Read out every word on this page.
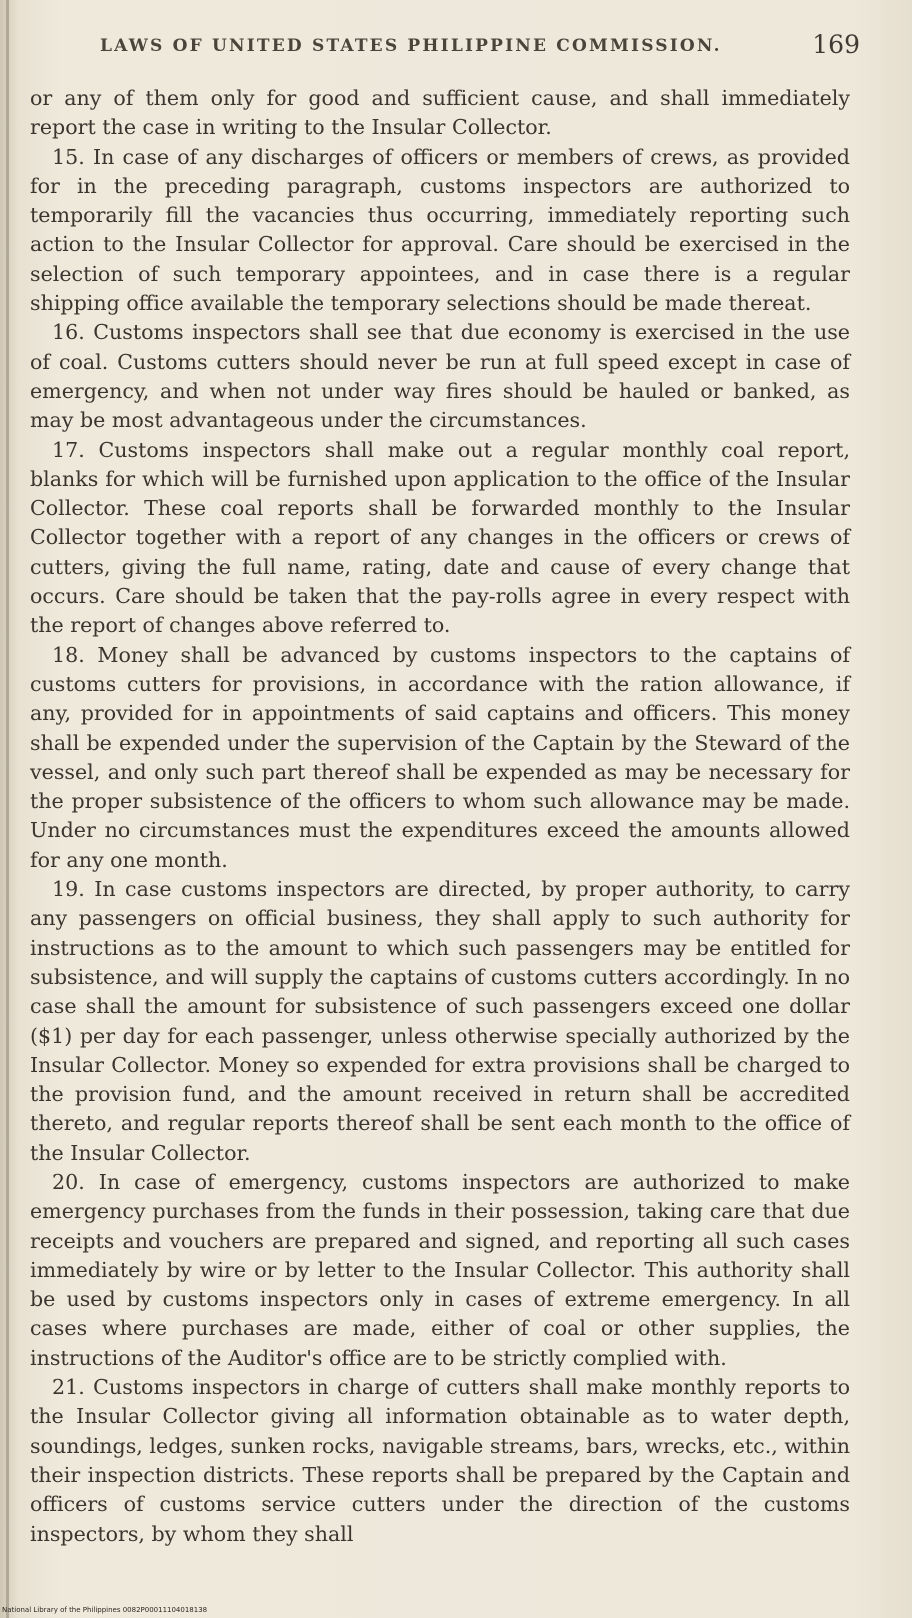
LAWS OF UNITED STATES PHILIPPINE COMMISSION.	169

or any of them only for good and sufficient cause, and shall immediately report the case in writing to the Insular Collector.

15. In case of any discharges of officers or members of crews, as provided for in the preceding paragraph, customs inspectors are authorized to temporarily fill the vacancies thus occurring, immediately reporting such action to the Insular Collector for approval. Care should be exercised in the selection of such temporary appointees, and in case there is a regular shipping office available the temporary selections should be made thereat.

16. Customs inspectors shall see that due economy is exercised in the use of coal. Customs cutters should never be run at full speed except in case of emergency, and when not under way fires should be hauled or banked, as may be most advantageous under the circumstances.

17. Customs inspectors shall make out a regular monthly coal report, blanks for which will be furnished upon application to the office of the Insular Collector. These coal reports shall be forwarded monthly to the Insular Collector together with a report of any changes in the officers or crews of cutters, giving the full name, rating, date and cause of every change that occurs. Care should be taken that the pay-rolls agree in every respect with the report of changes above referred to.

18. Money shall be advanced by customs inspectors to the captains of customs cutters for provisions, in accordance with the ration allowance, if any, provided for in appointments of said captains and officers. This money shall be expended under the supervision of the Captain by the Steward of the vessel, and only such part thereof shall be expended as may be necessary for the proper subsistence of the officers to whom such allowance may be made. Under no circumstances must the expenditures exceed the amounts allowed for any one month.

19. In case customs inspectors are directed, by proper authority, to carry any passengers on official business, they shall apply to such authority for instructions as to the amount to which such passengers may be entitled for subsistence, and will supply the captains of customs cutters accordingly. In no case shall the amount for subsistence of such passengers exceed one dollar ($1) per day for each passenger, unless otherwise specially authorized by the Insular Collector. Money so expended for extra provisions shall be charged to the provision fund, and the amount received in return shall be accredited thereto, and regular reports thereof shall be sent each month to the office of the Insular Collector.

20. In case of emergency, customs inspectors are authorized to make emergency purchases from the funds in their possession, taking care that due receipts and vouchers are prepared and signed, and reporting all such cases immediately by wire or by letter to the Insular Collector. This authority shall be used by customs inspectors only in cases of extreme emergency. In all cases where purchases are made, either of coal or other supplies, the instructions of the Auditor's office are to be strictly complied with.

21. Customs inspectors in charge of cutters shall make monthly reports to the Insular Collector giving all information obtainable as to water depth, soundings, ledges, sunken rocks, navigable streams, bars, wrecks, etc., within their inspection districts. These reports shall be prepared by the Captain and officers of customs service cutters under the direction of the customs inspectors, by whom they shall

National Library of the Philippines 0082P00011104018138
